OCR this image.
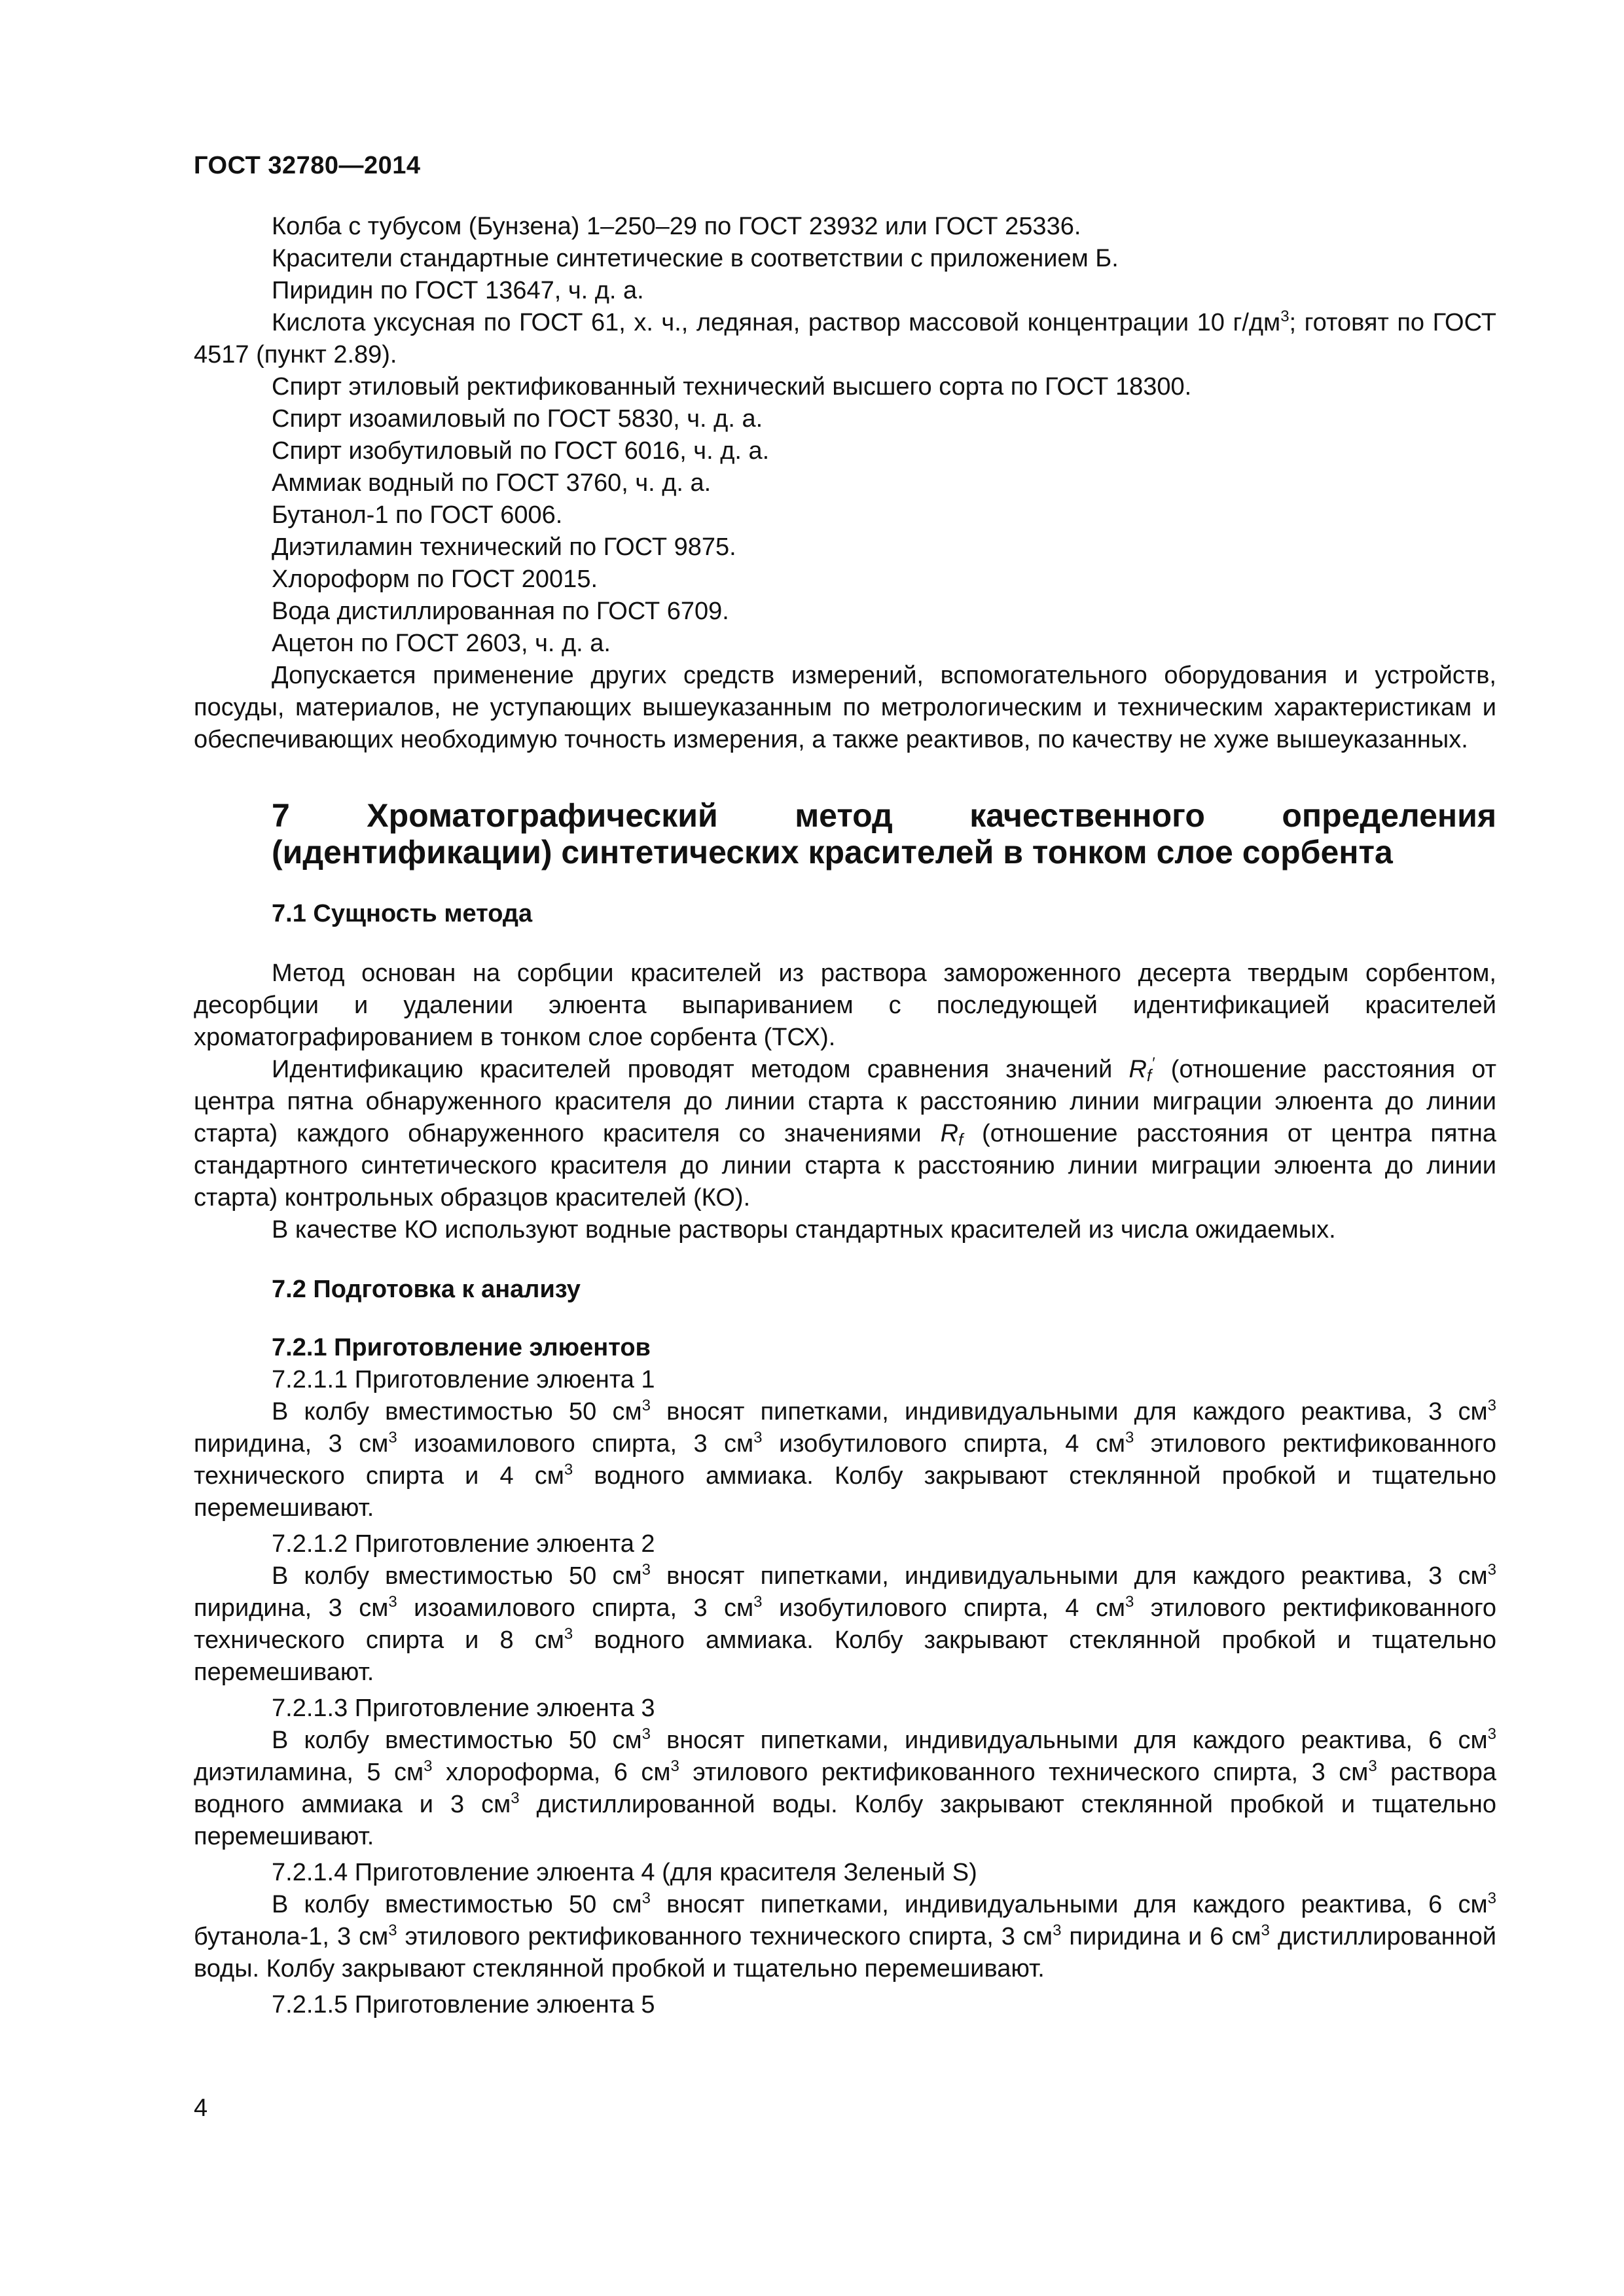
ГОСТ 32780—2014

Колба с тубусом (Бунзена) 1–250–29 по ГОСТ 23932 или ГОСТ 25336.

Красители стандартные синтетические в соответствии с приложением Б.

Пиридин по ГОСТ 13647, ч. д. а.

Кислота уксусная по ГОСТ 61, х. ч., ледяная, раствор массовой концентрации 10 $г/дм^3$; готовят по ГОСТ 4517 (пункт 2.89).

Спирт этиловый ректификованный технический высшего сорта по ГОСТ 18300.

Спирт изоамиловый по ГОСТ 5830, ч. д. а.

Спирт изобутиловый по ГОСТ 6016, ч. д. а.

Аммиак водный по ГОСТ 3760, ч. д. а.

Бутанол-1 по ГОСТ 6006.

Диэтиламин технический по ГОСТ 9875.

Хлороформ по ГОСТ 20015.

Вода дистиллированная по ГОСТ 6709.

Ацетон по ГОСТ 2603, ч. д. а.

Допускается применение других средств измерений, вспомогательного оборудования и устройств, посуды, материалов, не уступающих вышеуказанным по метрологическим и техническим характеристикам и обеспечивающих необходимую точность измерения, а также реактивов, по качеству не хуже вышеуказанных.

7 Хроматографический метод качественного определения (идентификации) синтетических красителей в тонком слое сорбента
7.1 Сущность метода

Метод основан на сорбции красителей из раствора замороженного десерта твердым сорбентом, десорбции и удалении элюента выпариванием с последующей идентификацией красителей хроматографированием в тонком слое сорбента (ТСХ).

Идентификацию красителей проводят методом сравнения значений $R_f'$ (отношение расстояния от центра пятна обнаруженного красителя до линии старта к расстоянию линии миграции элюента до линии старта) каждого обнаруженного красителя со значениями $R_f$ (отношение расстояния от центра пятна стандартного синтетического красителя до линии старта к расстоянию линии миграции элюента до линии старта) контрольных образцов красителей (КО).

В качестве КО используют водные растворы стандартных красителей из числа ожидаемых.

7.2 Подготовка к анализу
7.2.1 Приготовление элюентов

7.2.1.1 Приготовление элюента 1

В колбу вместимостью 50 $см^3$ вносят пипетками, индивидуальными для каждого реактива, 3 $см^3$ пиридина, 3 $см^3$ изоамилового спирта, 3 $см^3$ изобутилового спирта, 4 $см^3$ этилового ректификованного технического спирта и 4 $см^3$ водного аммиака. Колбу закрывают стеклянной пробкой и тщательно перемешивают.

7.2.1.2 Приготовление элюента 2

В колбу вместимостью 50 $см^3$ вносят пипетками, индивидуальными для каждого реактива, 3 $см^3$ пиридина, 3 $см^3$ изоамилового спирта, 3 $см^3$ изобутилового спирта, 4 $см^3$ этилового ректификованного технического спирта и 8 $см^3$ водного аммиака. Колбу закрывают стеклянной пробкой и тщательно перемешивают.

7.2.1.3 Приготовление элюента 3

В колбу вместимостью 50 $см^3$ вносят пипетками, индивидуальными для каждого реактива, 6 $см^3$ диэтиламина, 5 $см^3$ хлороформа, 6 $см^3$ этилового ректификованного технического спирта, 3 $см^3$ раствора водного аммиака и 3 $см^3$ дистиллированной воды. Колбу закрывают стеклянной пробкой и тщательно перемешивают.

7.2.1.4 Приготовление элюента 4 (для красителя Зеленый S)

В колбу вместимостью 50 $см^3$ вносят пипетками, индивидуальными для каждого реактива, 6 $см^3$ бутанола-1, 3 $см^3$ этилового ректификованного технического спирта, 3 $см^3$ пиридина и 6 $см^3$ дистиллированной воды. Колбу закрывают стеклянной пробкой и тщательно перемешивают.

7.2.1.5 Приготовление элюента 5

4
